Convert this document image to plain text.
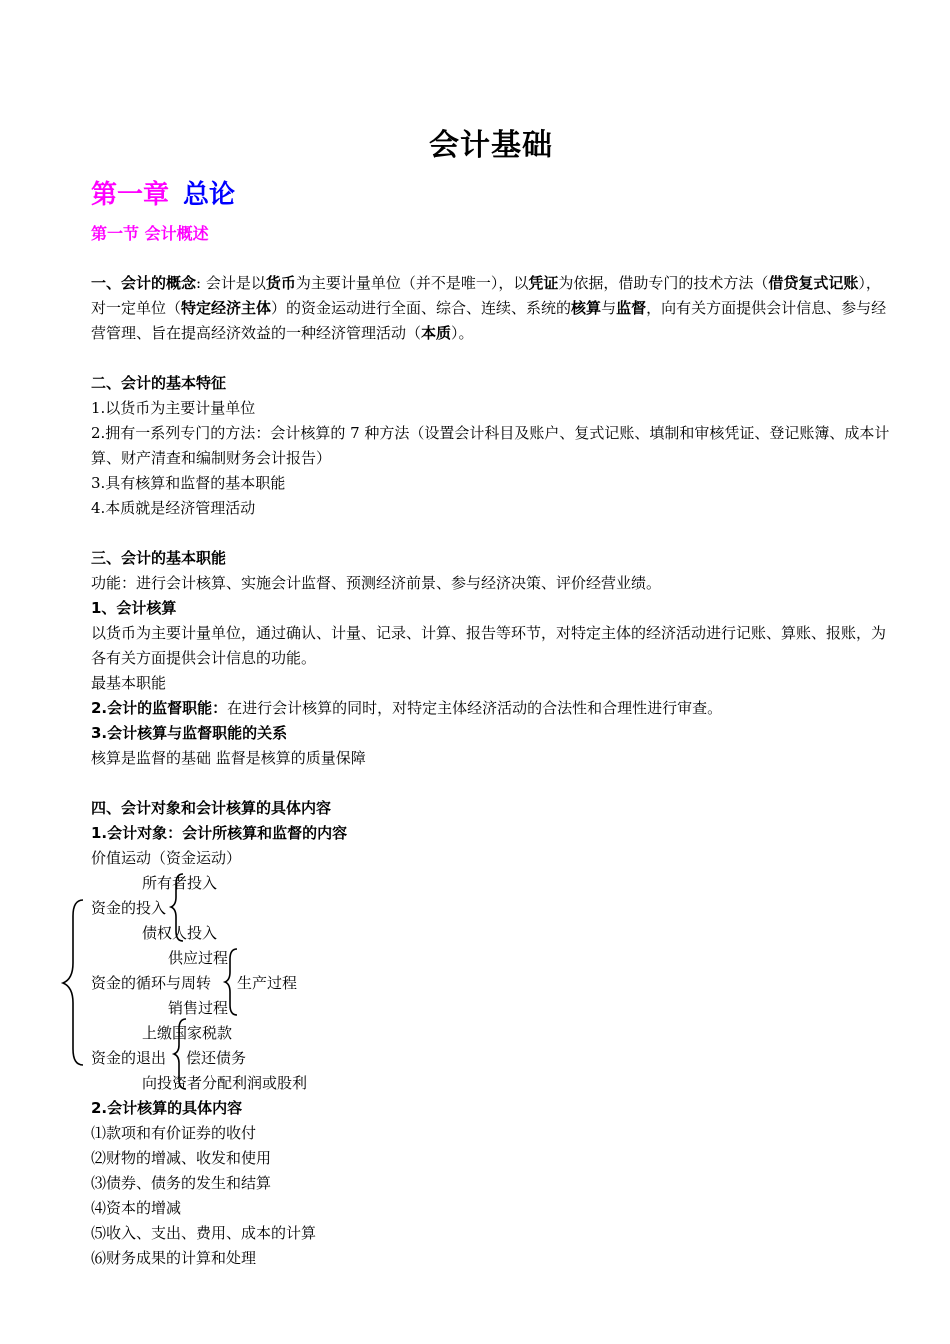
会计基础
第一章 总论
第一节 会计概述

一、会计的概念: 会计是以货币为主要计量单位（并不是唯一），以凭证为依据，借助专门的技术方法（借贷复式记账），对一定单位（特定经济主体）的资金运动进行全面、综合、连续、系统的核算与监督，向有关方面提供会计信息、参与经营管理、旨在提高经济效益的一种经济管理活动（本质）。

二、会计的基本特征

1.以货币为主要计量单位

2.拥有一系列专门的方法：会计核算的 7 种方法（设置会计科目及账户、复式记账、填制和审核凭证、登记账簿、成本计算、财产清查和编制财务会计报告）

3.具有核算和监督的基本职能

4.本质就是经济管理活动

三、会计的基本职能

功能：进行会计核算、实施会计监督、预测经济前景、参与经济决策、评价经营业绩。

1、会计核算

以货币为主要计量单位，通过确认、计量、记录、计算、报告等环节，对特定主体的经济活动进行记账、算账、报账，为各有关方面提供会计信息的功能。

最基本职能

2.会计的监督职能：在进行会计核算的同时，对特定主体经济活动的合法性和合理性进行审查。

3.会计核算与监督职能的关系

核算是监督的基础 监督是核算的质量保障

四、会计对象和会计核算的具体内容

1.会计对象：会计所核算和监督的内容

价值运动（资金运动）

所有者投入
资金的投入
债权人投入
供应过程
资金的循环与周转 生产过程
销售过程
上缴国家税款
资金的退出 偿还债务
向投资者分配利润或股利

2.会计核算的具体内容

⑴款项和有价证券的收付

⑵财物的增减、收发和使用

⑶债券、债务的发生和结算

⑷资本的增减

⑸收入、支出、费用、成本的计算

⑹财务成果的计算和处理
